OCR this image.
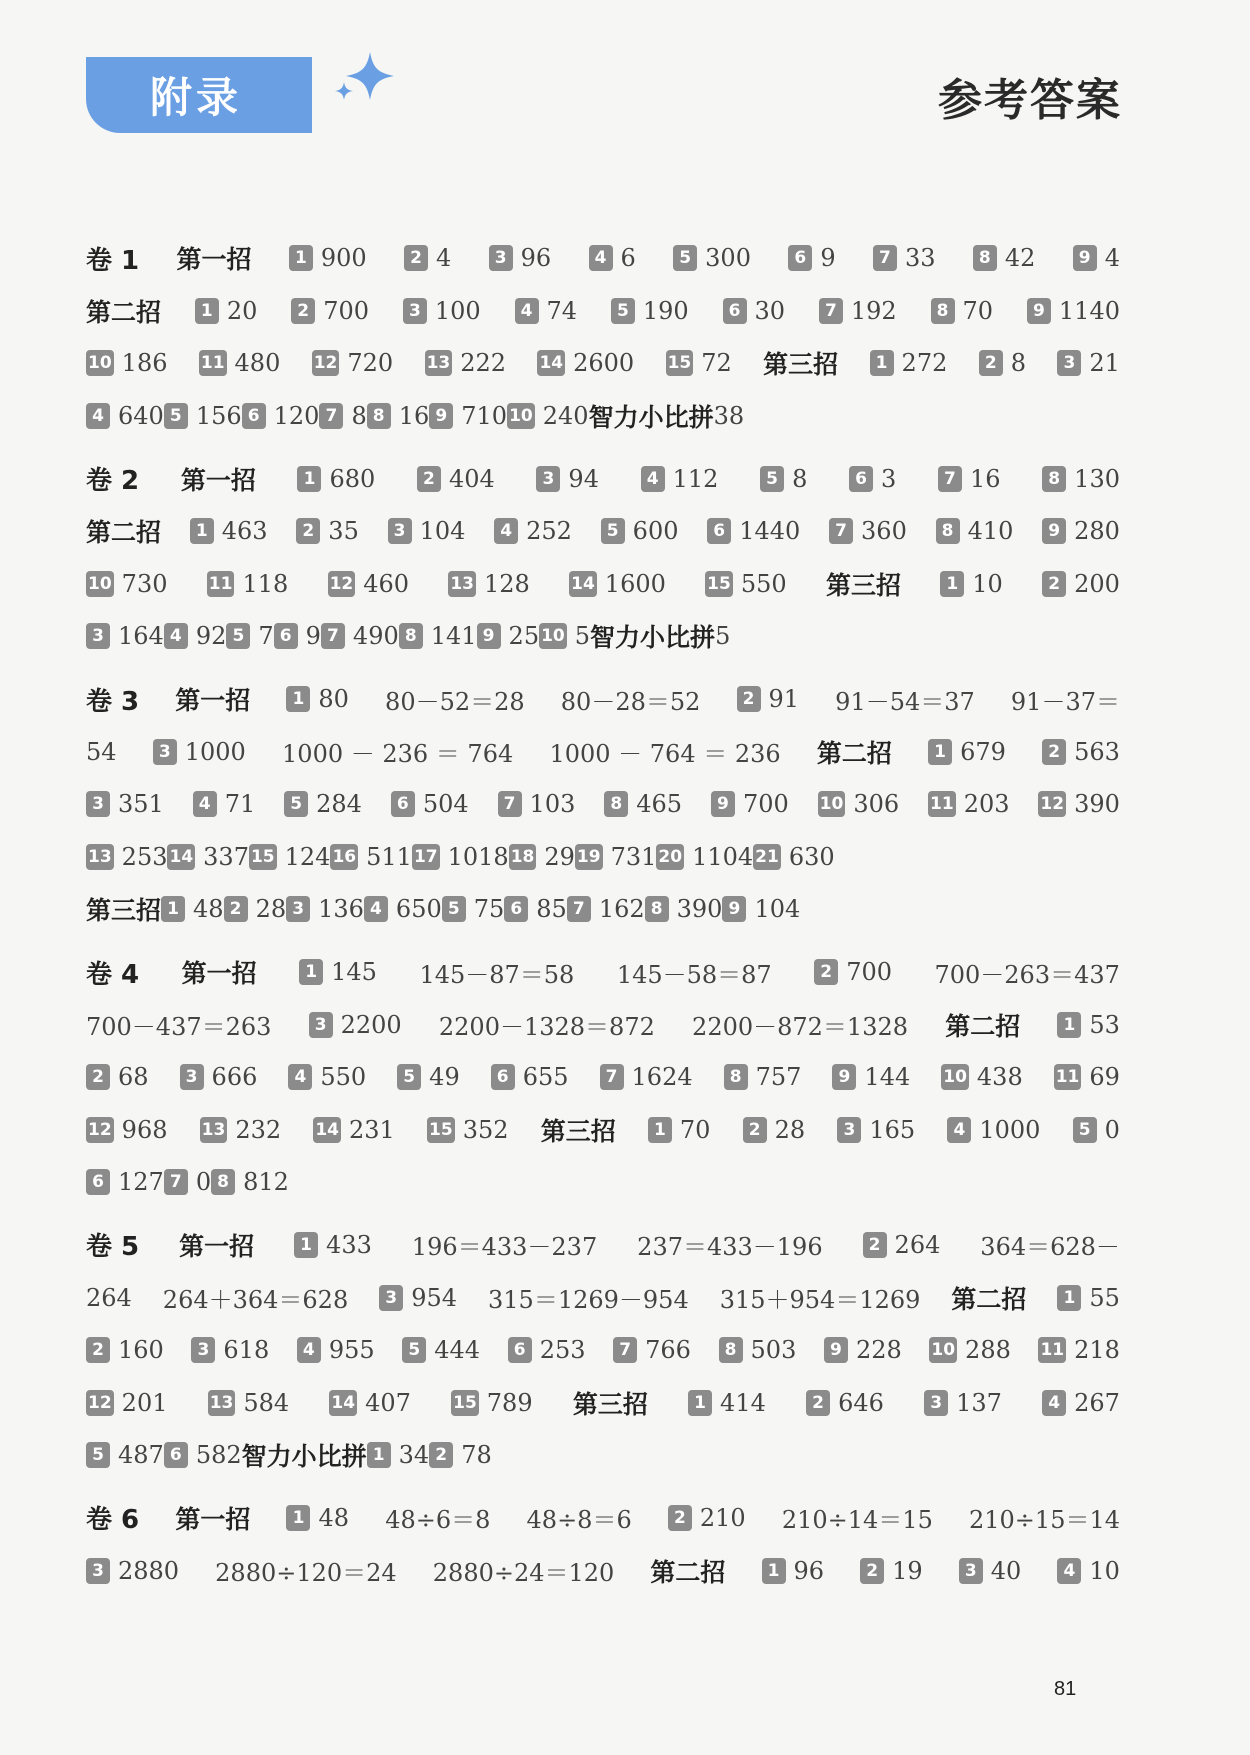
附录	参考答案
卷 1 第一招	1 900	2 4	3 96	4 6	5 300	6 9	7 33	8 42	9 4
第二招	1 20	2 700	3 100	4 74	5 190	6 30	7 192	8 70	9 1140
10 186 11 480 12 720 13 222 14 2600 15 72 第三招	1 272	2 8	3 21
4 640 5 156 6 120 7 8 8 16 9 710 10 240 智力小比拼 38
卷 2 第一招	1 680	2 404	3 94	4 112	5 8	6 3	7 16	8 130
第二招	1 463	2 35	3 104	4 252	5 600	6 1440	7 360	8 410	9 280
10 730 11 118 12 460 13 128 14 1600 15 550 第三招	1 10	2 200
3 164 4 92 5 7 6 9 7 490 8 141 9 25 10 5 智力小比拼 5
卷 3 第一招	1 80 80－52＝28 80－28＝52	2 91 91－54＝37 91－37＝
54	3 1000 1000 － 236 ＝ 764 1000 － 764 ＝ 236 第二招	1 679	2 563
3 351	4 71	5 284	6 504	7 103	8 465	9 700 10 306 11 203 12 390
13 253 14 337 15 124 16 511 17 1018 18 29 19 731 20 1104 21 630
第三招 1 48 2 28 3 136 4 650 5 75 6 85 7 162 8 390 9 104
卷 4 第一招	1 145 145－87＝58 145－58＝87	2 700 700－263＝437
700－437＝263	3 2200 2200－1328＝872 2200－872＝1328 第二招	1 53
2 68	3 666	4 550	5 49	6 655	7 1624	8 757	9 144 10 438 11 69
12 968 13 232 14 231 15 352 第三招	1 70	2 28	3 165	4 1000	5 0
6 127 7 0 8 812
卷 5 第一招	1 433 196＝433－237 237＝433－196	2 264 364＝628－
264 264＋364＝628	3 954 315＝1269－954 315＋954＝1269 第二招	1 55
2 160	3 618	4 955	5 444	6 253	7 766	8 503	9 228 10 288 11 218
12 201 13 584 14 407 15 789 第三招	1 414	2 646	3 137	4 267
5 487 6 582 智力小比拼 1 34 2 78
卷 6 第一招	1 48 48÷6＝8 48÷8＝6	2 210 210÷14＝15 210÷15＝14
3 2880 2880÷120＝24 2880÷24＝120 第二招	1 96	2 19	3 40	4 10
81
